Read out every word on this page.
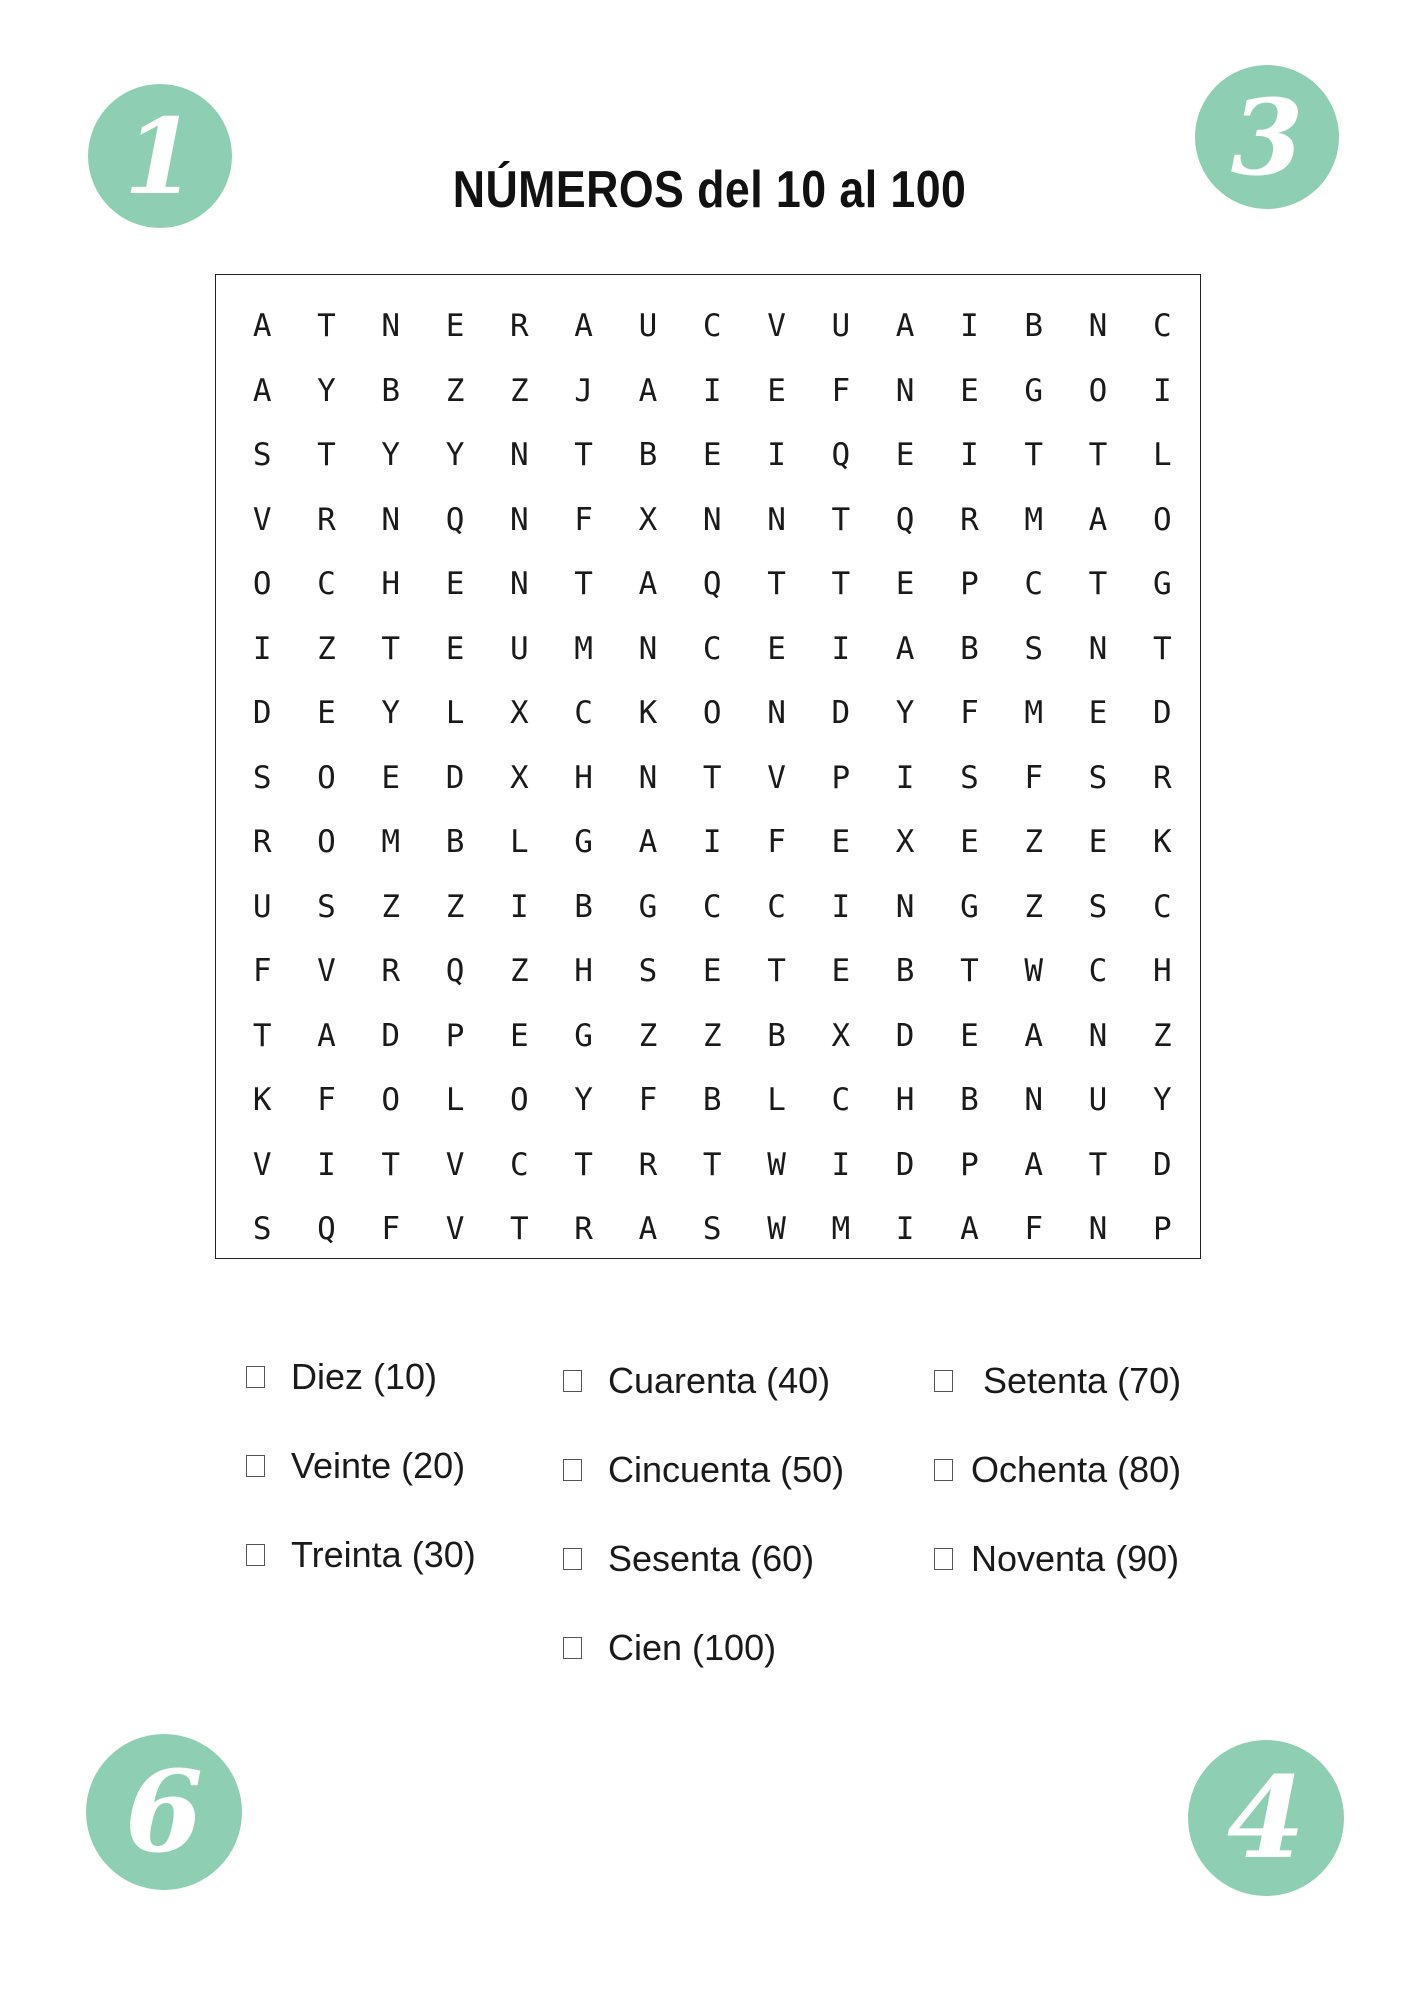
1	3
6	4
NÚMEROS del 10 al 100
A	T	N	E	R	A	U	C	V	U	A	I	B	N	C
A	Y	B	Z	Z	J	A	I	E	F	N	E	G	O	I
S	T	Y	Y	N	T	B	E	I	Q	E	I	T	T	L
V	R	N	Q	N	F	X	N	N	T	Q	R	M	A	O
O	C	H	E	N	T	A	Q	T	T	E	P	C	T	G
I	Z	T	E	U	M	N	C	E	I	A	B	S	N	T
D	E	Y	L	X	C	K	O	N	D	Y	F	M	E	D
S	O	E	D	X	H	N	T	V	P	I	S	F	S	R
R	O	M	B	L	G	A	I	F	E	X	E	Z	E	K
U	S	Z	Z	I	B	G	C	C	I	N	G	Z	S	C
F	V	R	Q	Z	H	S	E	T	E	B	T	W	C	H
T	A	D	P	E	G	Z	Z	B	X	D	E	A	N	Z
K	F	O	L	O	Y	F	B	L	C	H	B	N	U	Y
V	I	T	V	C	T	R	T	W	I	D	P	A	T	D
S	Q	F	V	T	R	A	S	W	M	I	A	F	N	P
Diez (10)
Veinte (20)
Treinta (30)
Cuarenta (40)
Cincuenta (50)
Sesenta (60)
Cien (100)
Setenta (70)
Ochenta (80)
Noventa (90)
